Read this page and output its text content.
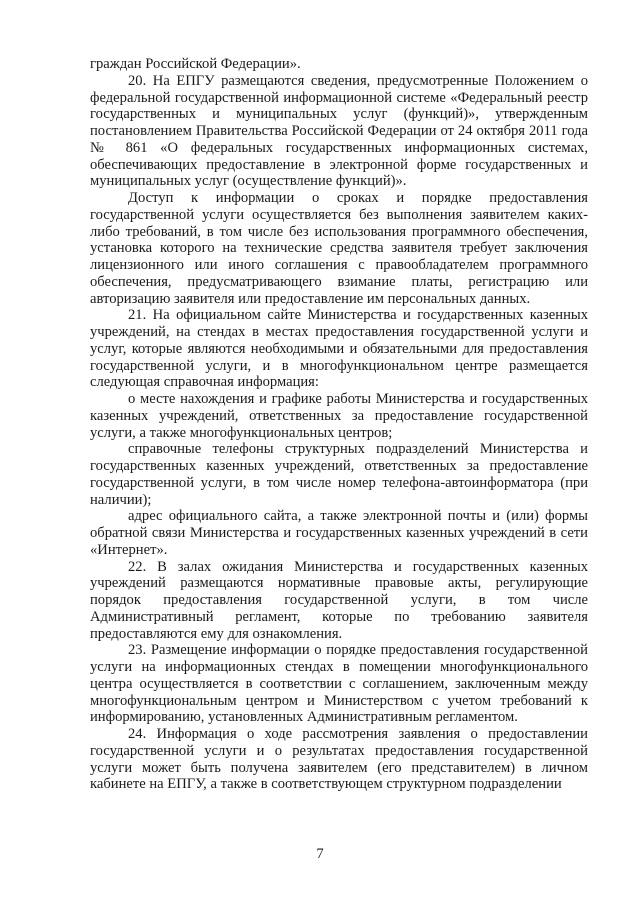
граждан Российской Федерации».

20. На ЕПГУ размещаются сведения, предусмотренные Положением о федеральной государственной информационной системе «Федеральный реестр государственных и муниципальных услуг (функций)», утвержденным постановлением Правительства Российской Федерации от 24 октября 2011 года № 861 «О федеральных государственных информационных системах, обеспечивающих предоставление в электронной форме государственных и муниципальных услуг (осуществление функций)».

Доступ к информации о сроках и порядке предоставления государственной услуги осуществляется без выполнения заявителем каких-либо требований, в том числе без использования программного обеспечения, установка которого на технические средства заявителя требует заключения лицензионного или иного соглашения с правообладателем программного обеспечения, предусматривающего взимание платы, регистрацию или авторизацию заявителя или предоставление им персональных данных.

21. На официальном сайте Министерства и государственных казенных учреждений, на стендах в местах предоставления государственной услуги и услуг, которые являются необходимыми и обязательными для предоставления государственной услуги, и в многофункциональном центре размещается следующая справочная информация:

о месте нахождения и графике работы Министерства и государственных казенных учреждений, ответственных за предоставление государственной услуги, а также многофункциональных центров;

справочные телефоны структурных подразделений Министерства и государственных казенных учреждений, ответственных за предоставление государственной услуги, в том числе номер телефона-автоинформатора (при наличии);

адрес официального сайта, а также электронной почты и (или) формы обратной связи Министерства и государственных казенных учреждений в сети «Интернет».

22. В залах ожидания Министерства и государственных казенных учреждений размещаются нормативные правовые акты, регулирующие порядок предоставления государственной услуги, в том числе Административный регламент, которые по требованию заявителя предоставляются ему для ознакомления.

23. Размещение информации о порядке предоставления государственной услуги на информационных стендах в помещении многофункционального центра осуществляется в соответствии с соглашением, заключенным между многофункциональным центром и Министерством с учетом требований к информированию, установленных Административным регламентом.

24. Информация о ходе рассмотрения заявления о предоставлении государственной услуги и о результатах предоставления государственной услуги может быть получена заявителем (его представителем) в личном кабинете на ЕПГУ, а также в соответствующем структурном подразделении

7
